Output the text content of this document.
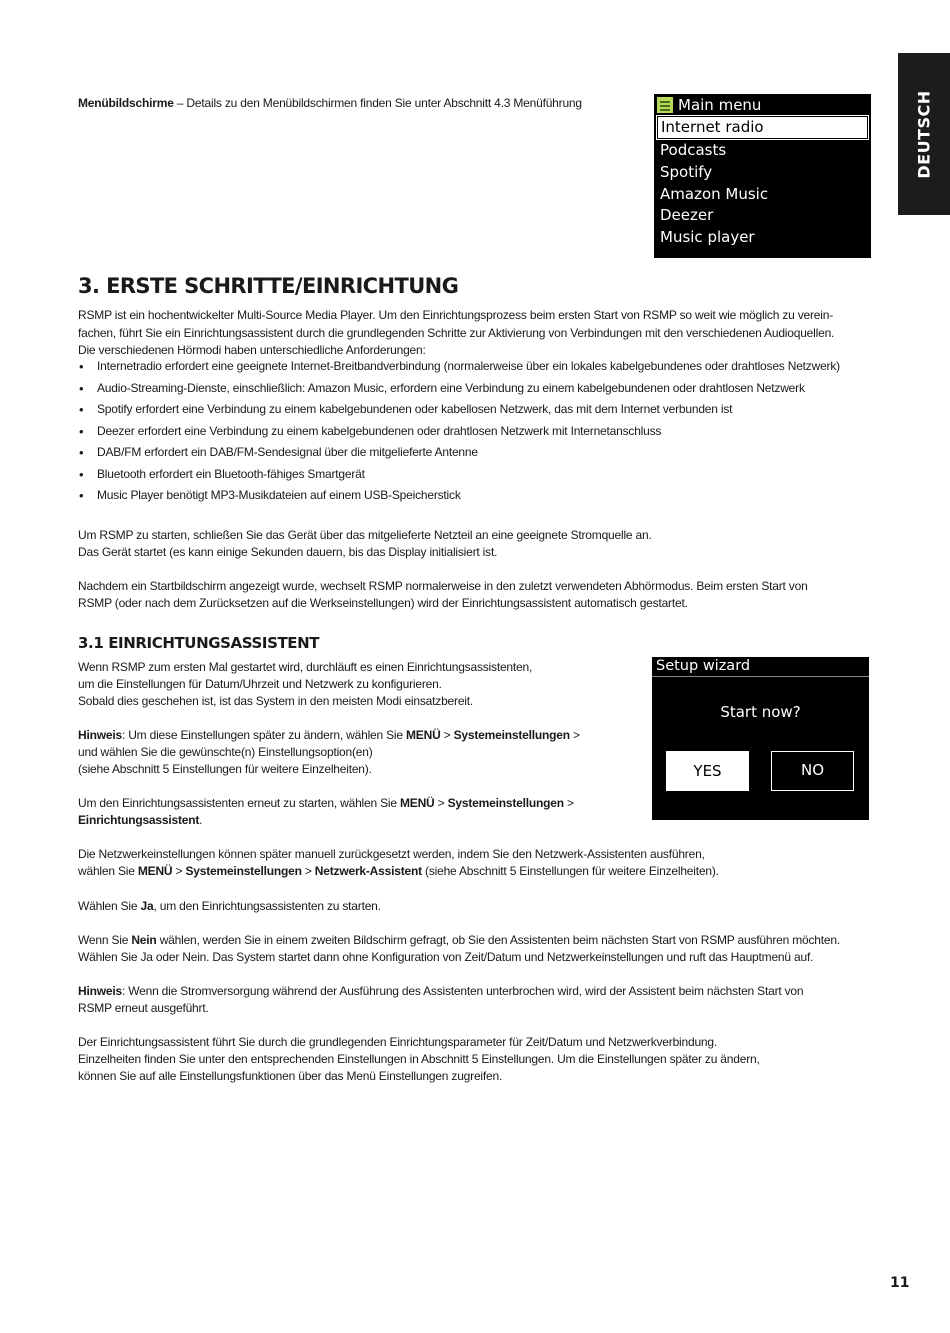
DEUTSCH
Menübildschirme – Details zu den Menübildschirmen finden Sie unter Abschnitt 4.3 Menüführung	Main menu
Internet radio
Podcasts
Spotify
Amazon Music
Deezer
Music player
3. ERSTE SCHRITTE/EINRICHTUNG
RSMP ist ein hochentwickelter Multi-Source Media Player. Um den Einrichtungsprozess beim ersten Start von RSMP so weit wie möglich zu verein-
fachen, führt Sie ein Einrichtungsassistent durch die grundlegenden Schritte zur Aktivierung von Verbindungen mit den verschiedenen Audioquellen.
Die verschiedenen Hörmodi haben unterschiedliche Anforderungen:
• Internetradio erfordert eine geeignete Internet-Breitbandverbindung (normalerweise über ein lokales kabelgebundenes oder drahtloses Netzwerk)
• Audio-Streaming-Dienste, einschließlich: Amazon Music, erfordern eine Verbindung zu einem kabelgebundenen oder drahtlosen Netzwerk
• Spotify erfordert eine Verbindung zu einem kabelgebundenen oder kabellosen Netzwerk, das mit dem Internet verbunden ist
• Deezer erfordert eine Verbindung zu einem kabelgebundenen oder drahtlosen Netzwerk mit Internetanschluss
• DAB/FM erfordert ein DAB/FM-Sendesignal über die mitgelieferte Antenne
• Bluetooth erfordert ein Bluetooth-fähiges Smartgerät
• Music Player benötigt MP3-Musikdateien auf einem USB-Speicherstick
Um RSMP zu starten, schließen Sie das Gerät über das mitgelieferte Netzteil an eine geeignete Stromquelle an.
Das Gerät startet (es kann einige Sekunden dauern, bis das Display initialisiert ist.
Nachdem ein Startbildschirm angezeigt wurde, wechselt RSMP normalerweise in den zuletzt verwendeten Abhörmodus. Beim ersten Start von
RSMP (oder nach dem Zurücksetzen auf die Werkseinstellungen) wird der Einrichtungsassistent automatisch gestartet.
3.1 EINRICHTUNGSASSISTENT
Wenn RSMP zum ersten Mal gestartet wird, durchläuft es einen Einrichtungsassistenten,
um die Einstellungen für Datum/Uhrzeit und Netzwerk zu konfigurieren.
Sobald dies geschehen ist, ist das System in den meisten Modi einsatzbereit.
Hinweis: Um diese Einstellungen später zu ändern, wählen Sie MENÜ > Systemeinstellungen >
und wählen Sie die gewünschte(n) Einstellungsoption(en)
(siehe Abschnitt 5 Einstellungen für weitere Einzelheiten).
Um den Einrichtungsassistenten erneut zu starten, wählen Sie MENÜ > Systemeinstellungen >
Einrichtungsassistent.
Setup wizard
Start now?
YES	NO
Die Netzwerkeinstellungen können später manuell zurückgesetzt werden, indem Sie den Netzwerk-Assistenten ausführen,
wählen Sie MENÜ > Systemeinstellungen > Netzwerk-Assistent (siehe Abschnitt 5 Einstellungen für weitere Einzelheiten).
Wählen Sie Ja, um den Einrichtungsassistenten zu starten.
Wenn Sie Nein wählen, werden Sie in einem zweiten Bildschirm gefragt, ob Sie den Assistenten beim nächsten Start von RSMP ausführen möchten.
Wählen Sie Ja oder Nein. Das System startet dann ohne Konfiguration von Zeit/Datum und Netzwerkeinstellungen und ruft das Hauptmenü auf.
Hinweis: Wenn die Stromversorgung während der Ausführung des Assistenten unterbrochen wird, wird der Assistent beim nächsten Start von
RSMP erneut ausgeführt.
Der Einrichtungsassistent führt Sie durch die grundlegenden Einrichtungsparameter für Zeit/Datum und Netzwerkverbindung.
Einzelheiten finden Sie unter den entsprechenden Einstellungen in Abschnitt 5 Einstellungen. Um die Einstellungen später zu ändern,
können Sie auf alle Einstellungsfunktionen über das Menü Einstellungen zugreifen.
11
